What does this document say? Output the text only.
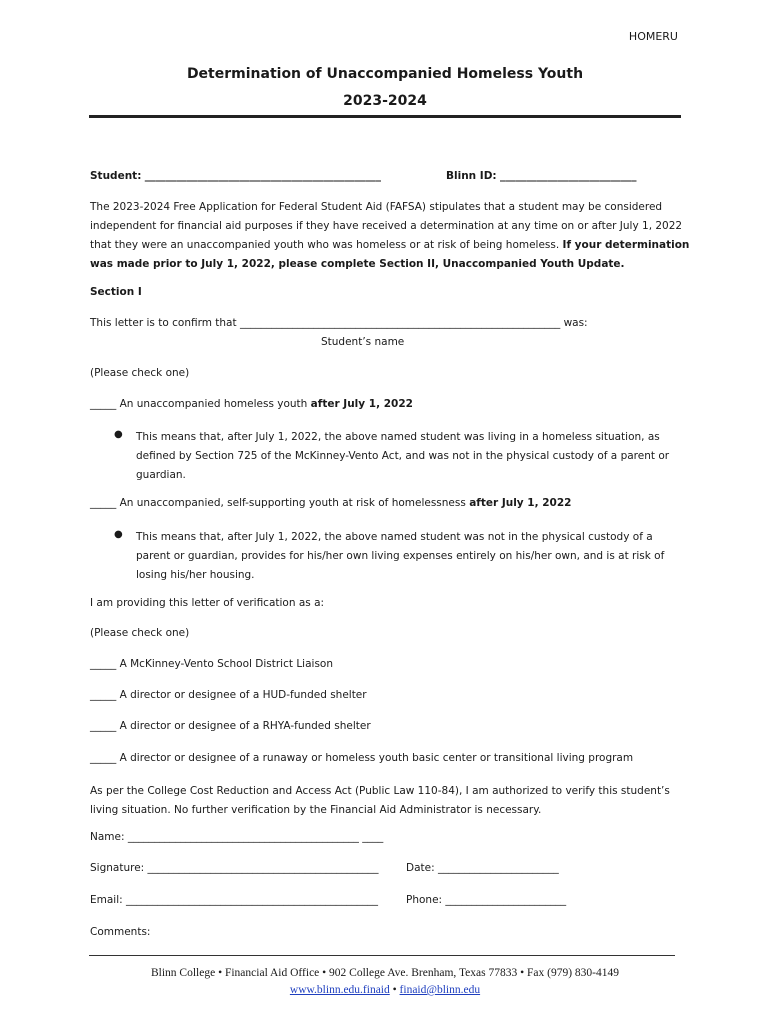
HOMERU
Determination of Unaccompanied Homeless Youth
2023-2024
Student: _____________________________________________	Blinn ID: __________________________
The 2023-2024 Free Application for Federal Student Aid (FAFSA) stipulates that a student may be considered independent for financial aid purposes if they have received a determination at any time on or after July 1, 2022 that they were an unaccompanied youth who was homeless or at risk of being homeless. If your determination was made prior to July 1, 2022, please complete Section II, Unaccompanied Youth Update.
Section I
This letter is to confirm that _____________________________________________________________ was:
Student’s name
(Please check one)
_____ An unaccompanied homeless youth after July 1, 2022
● This means that, after July 1, 2022, the above named student was living in a homeless situation, as defined by Section 725 of the McKinney-Vento Act, and was not in the physical custody of a parent or guardian.
_____ An unaccompanied, self-supporting youth at risk of homelessness after July 1, 2022
● This means that, after July 1, 2022, the above named student was not in the physical custody of a parent or guardian, provides for his/her own living expenses entirely on his/her own, and is at risk of losing his/her housing.
I am providing this letter of verification as a:
(Please check one)
_____ A McKinney-Vento School District Liaison
_____ A director or designee of a HUD-funded shelter
_____ A director or designee of a RHYA-funded shelter
_____ A director or designee of a runaway or homeless youth basic center or transitional living program
As per the College Cost Reduction and Access Act (Public Law 110-84), I am authorized to verify this student’s living situation. No further verification by the Financial Aid Administrator is necessary.
Name: ____________________________________________ ____
Signature: ____________________________________________	Date: _______________________
Email: ________________________________________________	Phone: _______________________
Comments:
Blinn College • Financial Aid Office • 902 College Ave. Brenham, Texas 77833 • Fax (979) 830-4149
www.blinn.edu.finaid • finaid@blinn.edu
